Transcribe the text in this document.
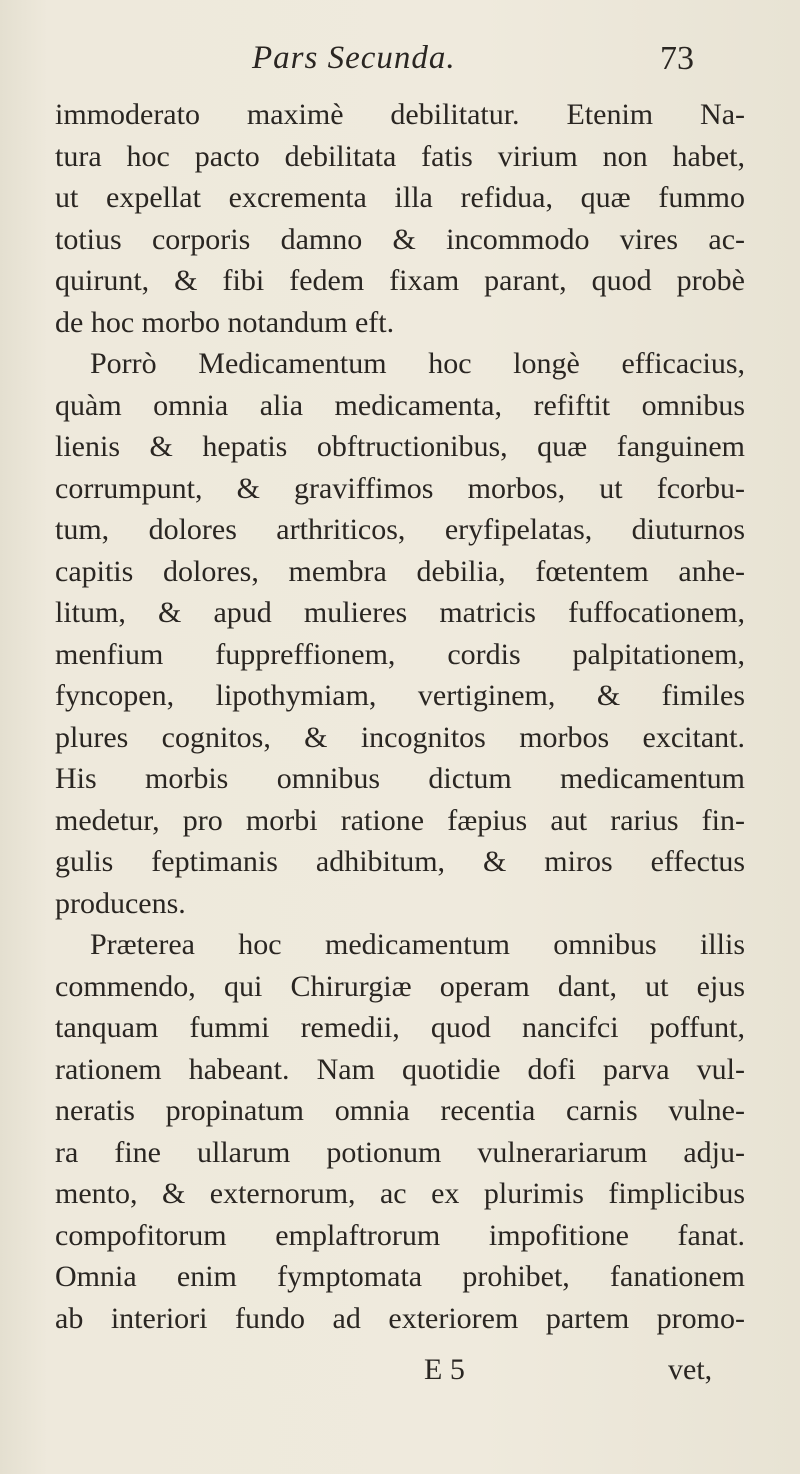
Pars Secunda.	73
immoderato maximè debilitatur. Etenim Na-
tura hoc pacto debilitata fatis virium non habet,
ut expellat excrementa illa refidua, quæ fummo
totius corporis damno & incommodo vires ac-
quirunt, & fibi fedem fixam parant, quod probè
de hoc morbo notandum eft.
Porrò Medicamentum hoc longè efficacius,
quàm omnia alia medicamenta, refiftit omnibus
lienis & hepatis obftructionibus, quæ fanguinem
corrumpunt, & graviffimos morbos, ut fcorbu-
tum, dolores arthriticos, eryfipelatas, diuturnos
capitis dolores, membra debilia, fœtentem anhe-
litum, & apud mulieres matricis fuffocationem,
menfium fuppreffionem, cordis palpitationem,
fyncopen, lipothymiam, vertiginem, & fimiles
plures cognitos, & incognitos morbos excitant.
His morbis omnibus dictum medicamentum
medetur, pro morbi ratione fæpius aut rarius fin-
gulis feptimanis adhibitum, & miros effectus
producens.
Præterea hoc medicamentum omnibus illis
commendo, qui Chirurgiæ operam dant, ut ejus
tanquam fummi remedii, quod nancifci poffunt,
rationem habeant. Nam quotidie dofi parva vul-
neratis propinatum omnia recentia carnis vulne-
ra fine ullarum potionum vulnerariarum adju-
mento, & externorum, ac ex plurimis fimplicibus
compofitorum emplaftrorum impofitione fanat.
Omnia enim fymptomata prohibet, fanationem
ab interiori fundo ad exteriorem partem promo-
E 5	vet,
